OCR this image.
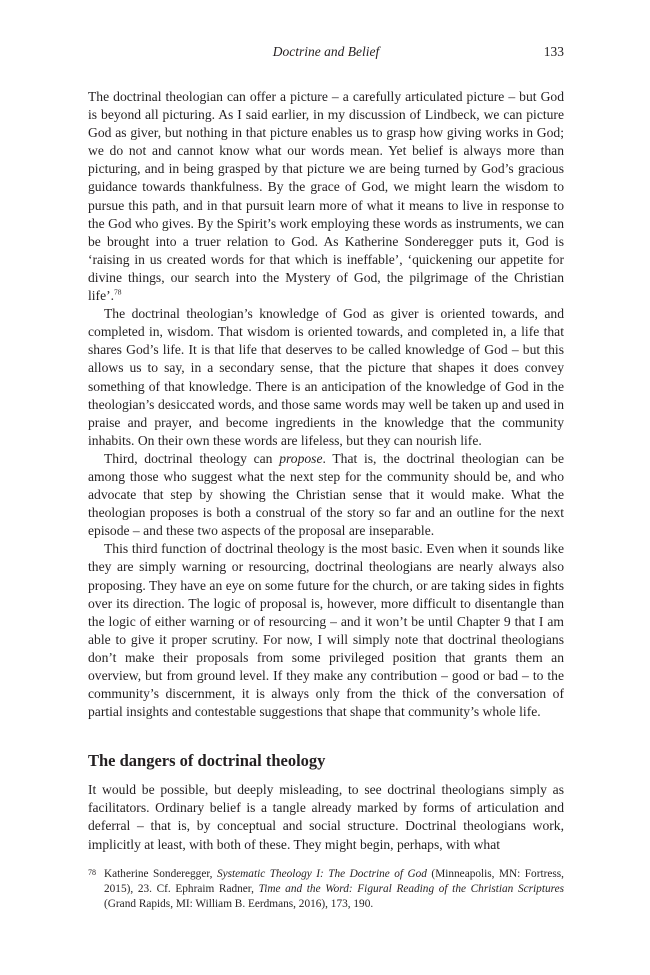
Doctrine and Belief	133

The doctrinal theologian can offer a picture – a carefully articulated picture – but God is beyond all picturing. As I said earlier, in my discussion of Lindbeck, we can picture God as giver, but nothing in that picture enables us to grasp how giving works in God; we do not and cannot know what our words mean. Yet belief is always more than picturing, and in being grasped by that picture we are being turned by God’s gracious guidance towards thankfulness. By the grace of God, we might learn the wisdom to pursue this path, and in that pursuit learn more of what it means to live in response to the God who gives. By the Spirit’s work employing these words as instruments, we can be brought into a truer relation to God. As Katherine Sonderegger puts it, God is ‘raising in us created words for that which is ineffable’, ‘quickening our appetite for divine things, our search into the Mystery of God, the pilgrimage of the Christian life’.$^{78}$

The doctrinal theologian’s knowledge of God as giver is oriented towards, and completed in, wisdom. That wisdom is oriented towards, and completed in, a life that shares God’s life. It is that life that deserves to be called knowledge of God – but this allows us to say, in a secondary sense, that the picture that shapes it does convey something of that knowledge. There is an anticipation of the knowledge of God in the theologian’s desiccated words, and those same words may well be taken up and used in praise and prayer, and become ingredients in the knowledge that the community inhabits. On their own these words are lifeless, but they can nourish life.

Third, doctrinal theology can propose. That is, the doctrinal theologian can be among those who suggest what the next step for the community should be, and who advocate that step by showing the Christian sense that it would make. What the theologian proposes is both a construal of the story so far and an outline for the next episode – and these two aspects of the proposal are inseparable.

This third function of doctrinal theology is the most basic. Even when it sounds like they are simply warning or resourcing, doctrinal theologians are nearly always also proposing. They have an eye on some future for the church, or are taking sides in fights over its direction. The logic of proposal is, however, more difficult to disentangle than the logic of either warning or of resourcing – and it won’t be until Chapter 9 that I am able to give it proper scrutiny. For now, I will simply note that doctrinal theologians don’t make their proposals from some privileged position that grants them an overview, but from ground level. If they make any contribution – good or bad – to the community’s discernment, it is always only from the thick of the conversation of partial insights and contestable suggestions that shape that community’s whole life.

The dangers of doctrinal theology

It would be possible, but deeply misleading, to see doctrinal theologians simply as facilitators. Ordinary belief is a tangle already marked by forms of articulation and deferral – that is, by conceptual and social structure. Doctrinal theologians work, implicitly at least, with both of these. They might begin, perhaps, with what

78 Katherine Sonderegger, Systematic Theology I: The Doctrine of God (Minneapolis, MN: Fortress, 2015), 23. Cf. Ephraim Radner, Time and the Word: Figural Reading of the Christian Scriptures (Grand Rapids, MI: William B. Eerdmans, 2016), 173, 190.
